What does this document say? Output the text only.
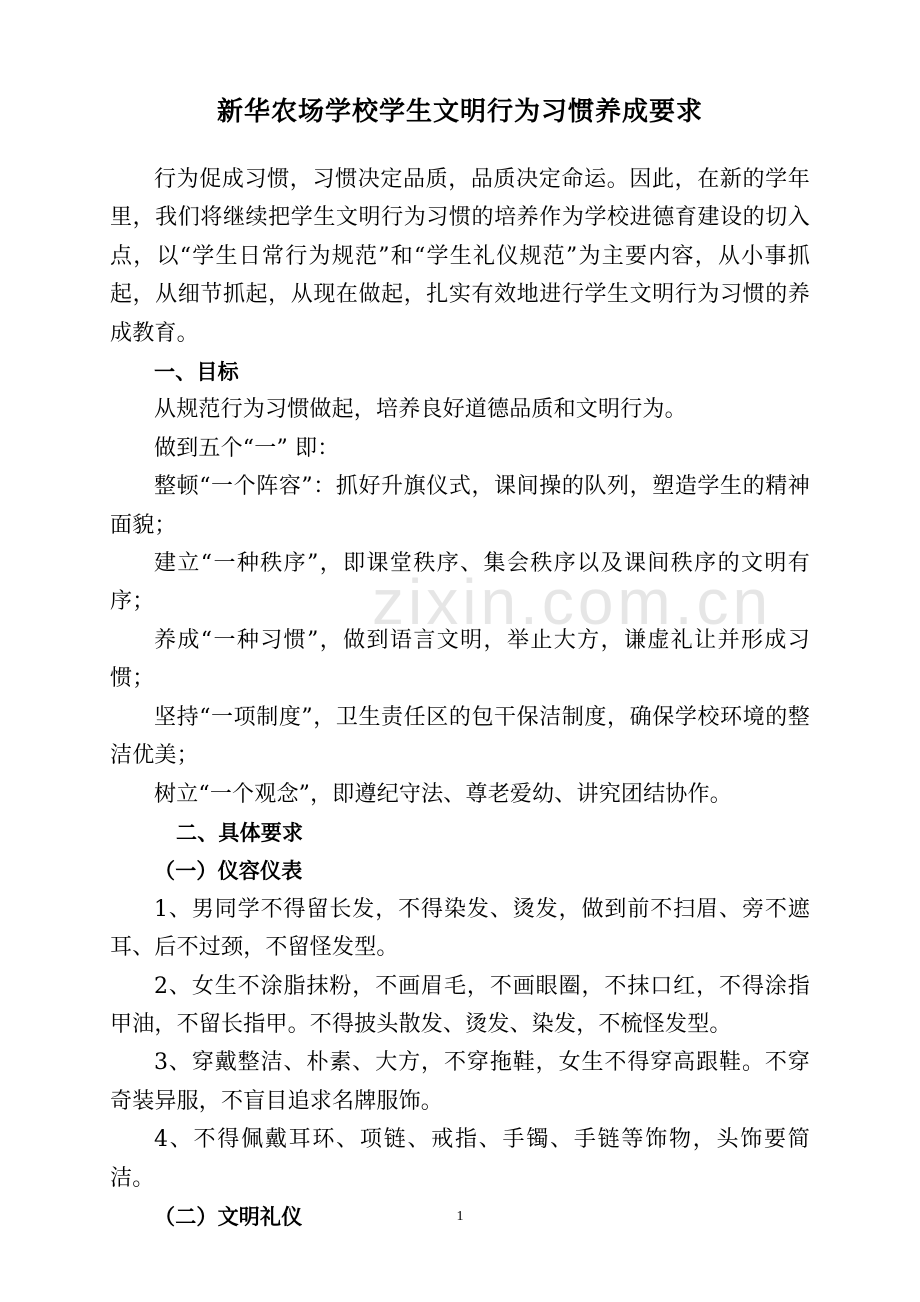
zixin.com.cn
新华农场学校学生文明行为习惯养成要求

行为促成习惯，习惯决定品质，品质决定命运。因此，在新的学年里，我们将继续把学生文明行为习惯的培养作为学校进德育建设的切入点，以“学生日常行为规范”和“学生礼仪规范”为主要内容，从小事抓起，从细节抓起，从现在做起，扎实有效地进行学生文明行为习惯的养成教育。

一、目标

从规范行为习惯做起，培养良好道德品质和文明行为。

做到五个“一” 即：

整顿“一个阵容”：抓好升旗仪式，课间操的队列，塑造学生的精神面貌；

建立“一种秩序”，即课堂秩序、集会秩序以及课间秩序的文明有序；

养成“一种习惯”，做到语言文明，举止大方，谦虚礼让并形成习惯；

坚持“一项制度”，卫生责任区的包干保洁制度，确保学校环境的整洁优美；

树立“一个观念”，即遵纪守法、尊老爱幼、讲究团结协作。

二、具体要求

（一）仪容仪表

1、男同学不得留长发，不得染发、烫发，做到前不扫眉、旁不遮耳、后不过颈，不留怪发型。

2、女生不涂脂抹粉，不画眉毛，不画眼圈，不抹口红，不得涂指甲油，不留长指甲。不得披头散发、烫发、染发，不梳怪发型。

3、穿戴整洁、朴素、大方，不穿拖鞋，女生不得穿高跟鞋。不穿奇装异服，不盲目追求名牌服饰。

4、不得佩戴耳环、项链、戒指、手镯、手链等饰物，头饰要简洁。

（二）文明礼仪	1
